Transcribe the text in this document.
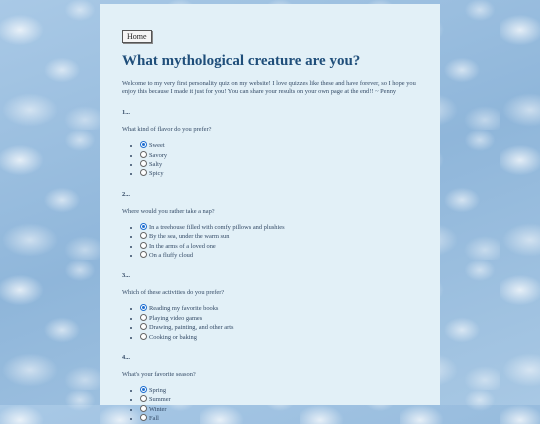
Home
What mythological creature are you?

Welcome to my very first personality quiz on my website! I love quizzes like these and have forever, so I hope you enjoy this because I made it just for you! You can share your results on your own page at the end!! ~ Penny

1...
What kind of flavor do you prefer?
• Sweet
• Savory
• Salty
• Spicy
2...
Where would you rather take a nap?
• In a treehouse filled with comfy pillows and plushies
• By the sea, under the warm sun
• In the arms of a loved one
• On a fluffy cloud
3...
Which of these activities do you prefer?
• Reading my favorite books
• Playing video games
• Drawing, painting, and other arts
• Cooking or baking
4...
What's your favorite season?
• Spring
• Summer
• Winter
• Fall
